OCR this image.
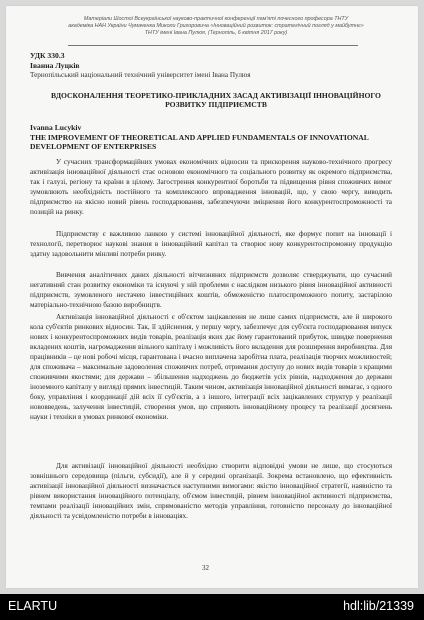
Матеріали Шостої Всеукраїнської науково-практичної конференції пам'яті почесного професора ТНТУ
академіка НАН України Чумаченка Миколи Григоровича «Інноваційний розвиток: стратегічний погляд у майбутнє»
ТНТУ імені Івана Пулюя, (Тернопіль, 6 квітня 2017 року)
УДК 330.3
Іванна Луцків
Тернопільський національний технічний університет імені Івана Пулюя
ВДОСКОНАЛЕННЯ ТЕОРЕТИКО-ПРИКЛАДНИХ ЗАСАД АКТИВІЗАЦІЇ ІННОВАЦІЙНОГО РОЗВИТКУ ПІДПРИЄМСТВ
Ivanna Lucykiv
THE IMPROVEMENT OF THEORETICAL AND APPLIED FUNDAMENTALS OF INNOVATIONAL DEVELOPMENT OF ENTERPRISES

У сучасних трансформаційних умовах економічних відносин та прискорення науково-технічного прогресу активізація інноваційної діяльності стає основою економічного та соціального розвитку як окремого підприємства, так і галузі, регіону та країни в цілому. Загострення конкурентної боротьби та підвищення рівня споживчих вимог зумовлюють необхідність постійного та комплексного впровадження інновацій, що, у свою чергу, виводить підприємство на якісно новий рівень господарювання, забезпечуючи зміцнення його конкурентоспроможності та позицій на ринку.

Підприємству є важливою ланкою у системі інноваційної діяльності, яке формує попит на інновації і технології, перетворює наукові знання в інноваційний капітал та створює нову конкурентоспроможну продукцію здатну задовольнити мінливі потреби ринку.

Вивчення аналітичних даних діяльності вітчизняних підприємств дозволяє стверджувати, що сучасний негативний стан розвитку економіки та існуючі у ній проблеми є наслідком низького рівня інноваційної активності підприємств, зумовленого нестачею інвестиційних коштів, обмеженістю платоспроможного попиту, застарілою матеріально-технічною базою виробництв.

Активізація інноваційної діяльності є об'єктом зацікавлення не лише самих підприємств, але й широкого кола суб'єктів ринкових відносин. Так, її здійснення, у першу чергу, забезпечує для суб'єкта господарювання випуск нових і конкурентоспроможних видів товарів, реалізація яких дає йому гарантований прибуток, швидке повернення вкладених коштів, нагромадження вільного капіталу і можливість його вкладення для розширення виробництва. Для працівників – це нові робочі місця, гарантована і вчасно виплачена заробітна плата, реалізація творчих можливостей; для споживача – максимальне задоволення споживчих потреб, отримання доступу до нових видів товарів з кращими споживчими якостями; для держави – збільшення надходжень до бюджетів усіх рівнів, надходження до держави іноземного капіталу у вигляді прямих інвестицій. Таким чином, активізація інноваційної діяльності вимагає, з одного боку, управління і координації дій всіх її суб'єктів, а з іншого, інтеграції всіх зацікавлених структур у реалізації нововведень, залучення інвестицій, створення умов, що сприяють інноваційному процесу та реалізації досягнень науки і техніки в умовах ринкової економіки.

Для активізації інноваційної діяльності необхідно створити відповідні умови не лише, що стосуються зовнішнього середовища (пільги, субсидії), але й у середині організації. Зокрема встановлено, що ефективність активізації інноваційної діяльності визначається наступними вимогами: якістю інноваційної стратегії, наявністю та рівнем використання інноваційного потенціалу, об'ємом інвестицій, рівнем інноваційної активності підприємства, темпами реалізації інноваційних змін, спрямованістю методів управління, готовністю персоналу до інноваційної діяльності та усвідомленістю потреби в інноваціях.

32
ELARTU	hdl:lib/21339
